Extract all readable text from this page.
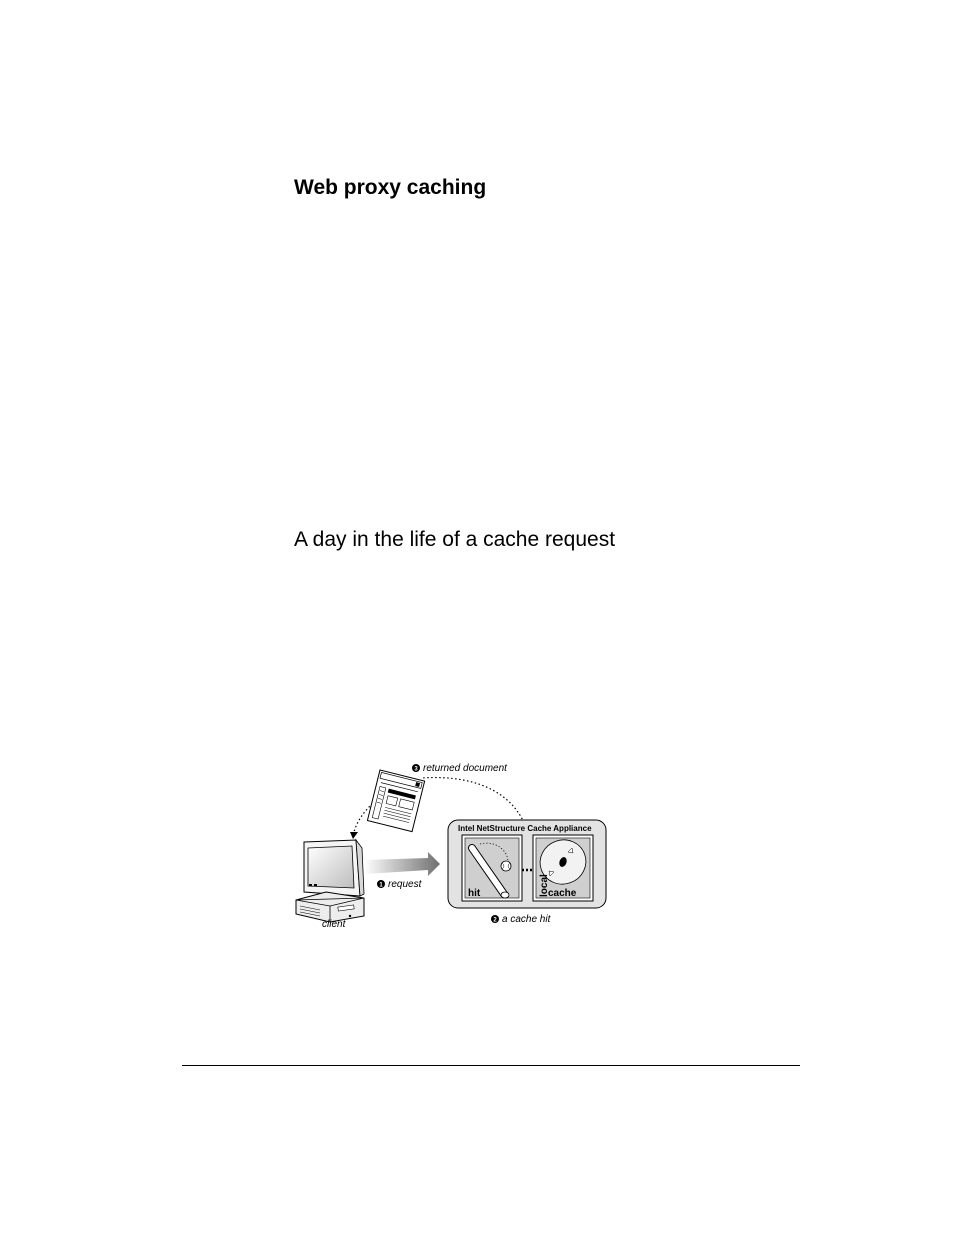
Web proxy caching
A day in the life of a cache request
3 returned document
client
1 request
Intel NetStructure Cache Appliance
hit	local
cache
2 a cache hit
